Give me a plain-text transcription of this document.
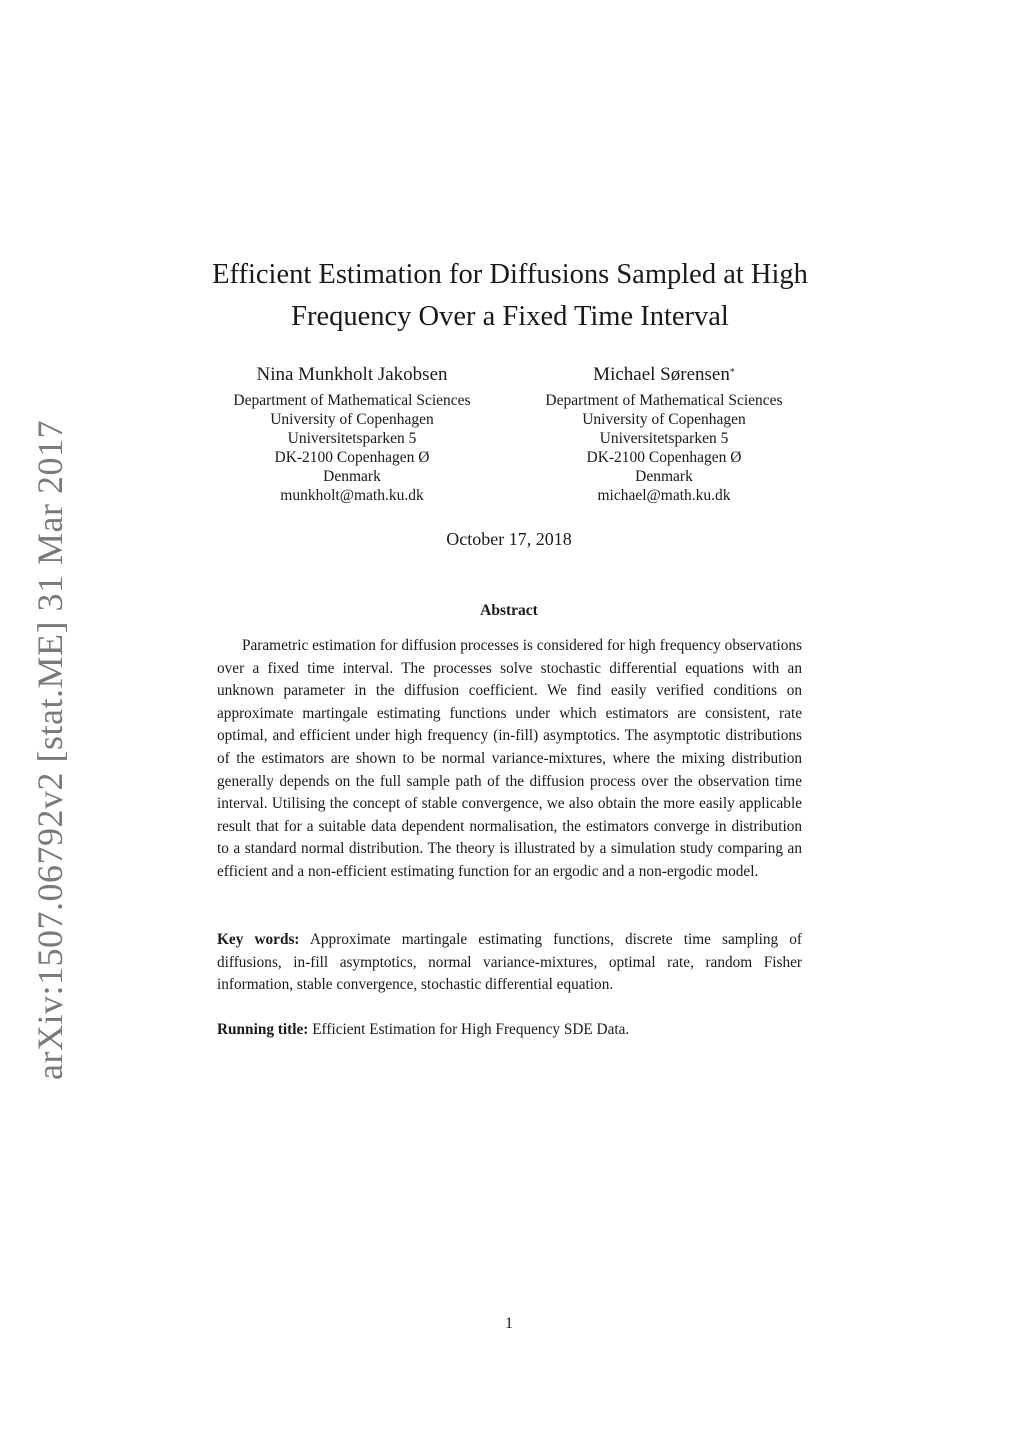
arXiv:1507.06792v2 [stat.ME] 31 Mar 2017
Efficient Estimation for Diffusions Sampled at High
Frequency Over a Fixed Time Interval
Nina Munkholt Jakobsen
Department of Mathematical Sciences
University of Copenhagen
Universitetsparken 5
DK-2100 Copenhagen Ø
Denmark
munkholt@math.ku.dk
Michael Sørensen*
Department of Mathematical Sciences
University of Copenhagen
Universitetsparken 5
DK-2100 Copenhagen Ø
Denmark
michael@math.ku.dk
October 17, 2018
Abstract

Parametric estimation for diffusion processes is considered for high frequency observations over a fixed time interval. The processes solve stochastic differential equations with an unknown parameter in the diffusion coefficient. We find easily verified conditions on approximate martingale estimating functions under which estimators are consistent, rate optimal, and efficient under high frequency (in-fill) asymptotics. The asymptotic distributions of the estimators are shown to be normal variance-mixtures, where the mixing distribution generally depends on the full sample path of the diffusion process over the observation time interval. Utilising the concept of stable convergence, we also obtain the more easily applicable result that for a suitable data dependent normalisation, the estimators converge in distribution to a standard normal distribution. The theory is illustrated by a simulation study comparing an efficient and a non-efficient estimating function for an ergodic and a non-ergodic model.

Key words: Approximate martingale estimating functions, discrete time sampling of diffusions, in-fill asymptotics, normal variance-mixtures, optimal rate, random Fisher information, stable convergence, stochastic differential equation.

Running title: Efficient Estimation for High Frequency SDE Data.

1
